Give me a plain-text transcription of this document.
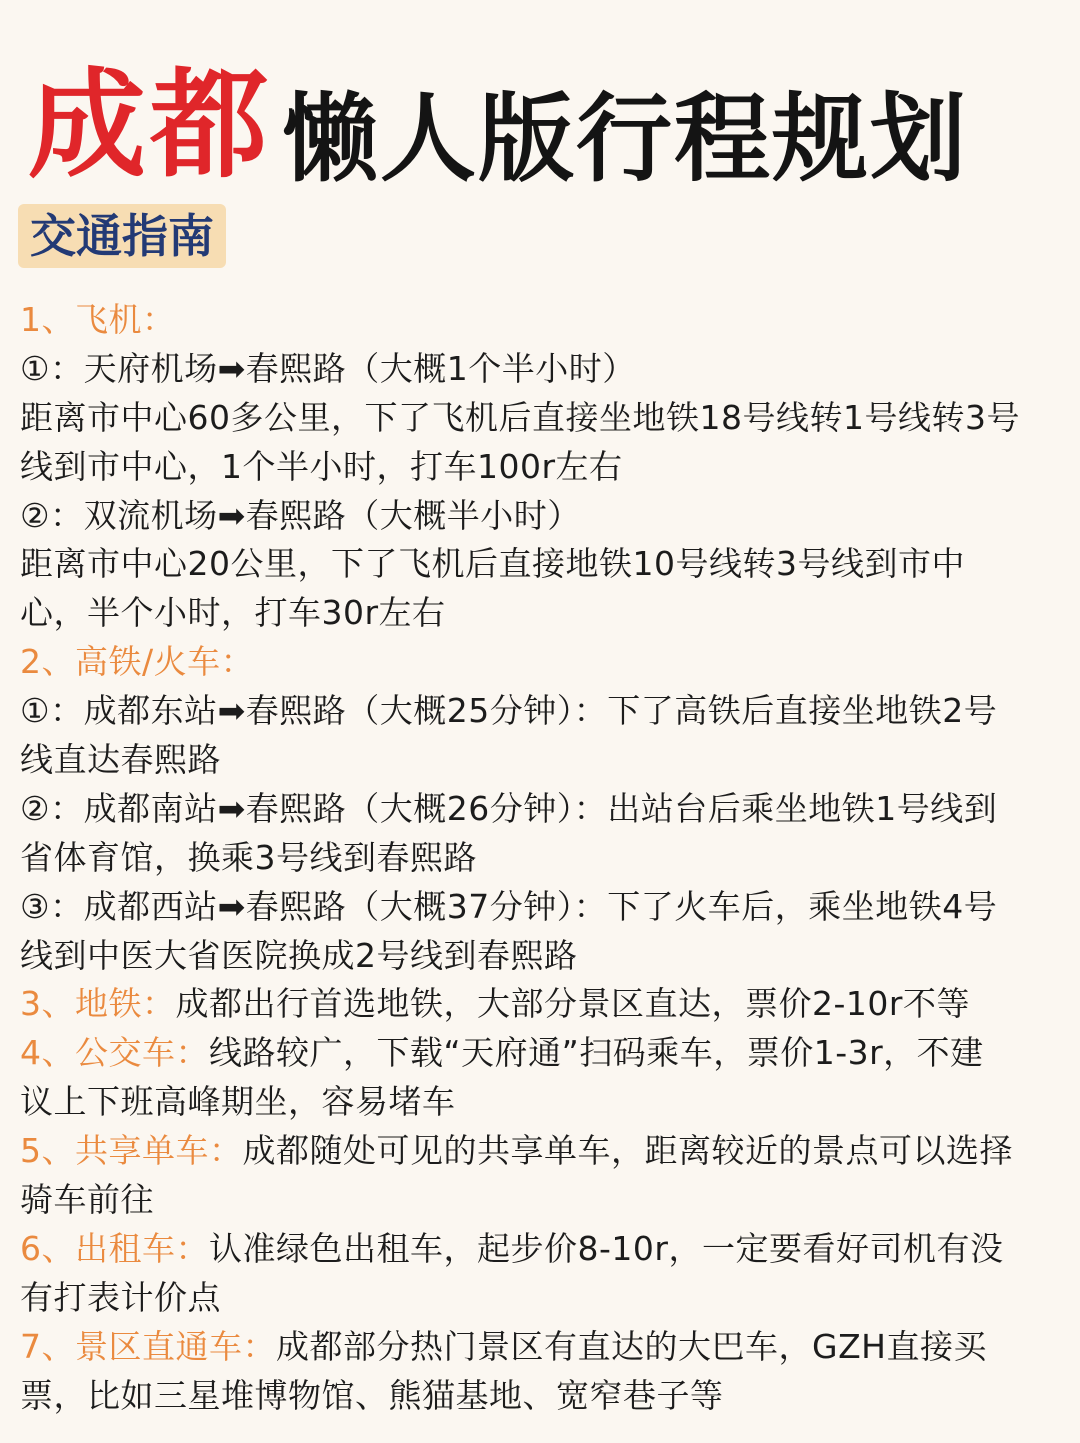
成都 懒人版行程规划
交通指南
1、飞机：
①：天府机场➡春熙路（大概1个半小时）
距离市中心60多公里，下了飞机后直接坐地铁18号线转1号线转3号
线到市中心，1个半小时，打车100r左右
②：双流机场➡春熙路（大概半小时）
距离市中心20公里，下了飞机后直接地铁10号线转3号线到市中
心，半个小时，打车30r左右
2、高铁/火车：
①：成都东站➡春熙路（大概25分钟）：下了高铁后直接坐地铁2号
线直达春熙路
②：成都南站➡春熙路（大概26分钟）：出站台后乘坐地铁1号线到
省体育馆，换乘3号线到春熙路
③：成都西站➡春熙路（大概37分钟）：下了火车后，乘坐地铁4号
线到中医大省医院换成2号线到春熙路
3、地铁：成都出行首选地铁，大部分景区直达，票价2-10r不等
4、公交车：线路较广，下载“天府通”扫码乘车，票价1-3r，不建
议上下班高峰期坐，容易堵车
5、共享单车：成都随处可见的共享单车，距离较近的景点可以选择
骑车前往
6、出租车：认准绿色出租车，起步价8-10r，一定要看好司机有没
有打表计价点
7、景区直通车：成都部分热门景区有直达的大巴车，GZH直接买
票，比如三星堆博物馆、熊猫基地、宽窄巷子等
